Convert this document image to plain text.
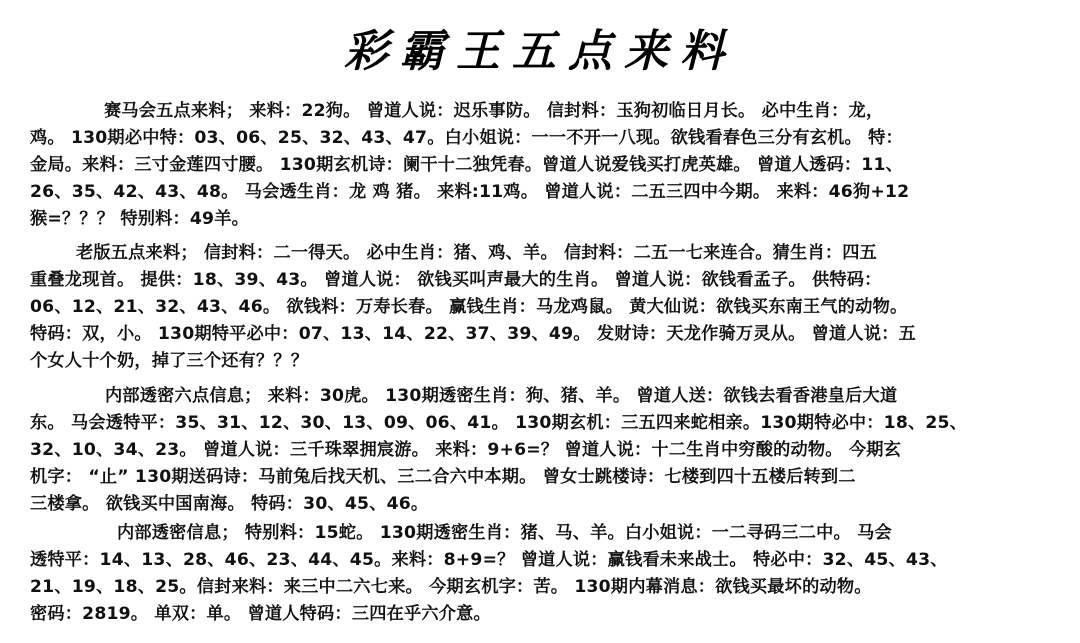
彩霸王五点来料
赛马会五点来料； 来料：22狗。 曾道人说：迟乐事防。 信封料：玉狗初临日月长。 必中生肖：龙，
鸡。 130期必中特：03、06、25、32、43、47。白小姐说：一一不开一八现。欲钱看春色三分有玄机。 特：
金局。来料：三寸金莲四寸腰。 130期玄机诗：阑干十二独凭春。曾道人说爱钱买打虎英雄。 曾道人透码：11、
26、35、42、43、48。 马会透生肖：龙 鸡 猪。 来料:11鸡。 曾道人说：二五三四中今期。 来料：46狗+12
猴=？？？ 特别料：49羊。
老版五点来料； 信封料：二一得天。 必中生肖：猪、鸡、羊。 信封料：二五一七来连合。猜生肖：四五
重叠龙现首。 提供：18、39、43。 曾道人说： 欲钱买叫声最大的生肖。 曾道人说：欲钱看孟子。 供特码：
06、12、21、32、43、46。 欲钱料：万寿长春。 赢钱生肖：马龙鸡鼠。 黄大仙说：欲钱买东南王气的动物。
特码：双，小。 130期特平必中：07、13、14、22、37、39、49。 发财诗：天龙作骑万灵从。 曾道人说：五
个女人十个奶，掉了三个还有？？？
内部透密六点信息； 来料：30虎。 130期透密生肖：狗、猪、羊。 曾道人送：欲钱去看香港皇后大道
东。 马会透特平：35、31、12、30、13、09、06、41。 130期玄机：三五四来蛇相亲。130期特必中：18、25、
32、10、34、23。 曾道人说：三千珠翠拥宸游。 来料：9+6=？ 曾道人说：十二生肖中穷酸的动物。 今期玄
机字： “止” 130期送码诗：马前兔后找天机、三二合六中本期。 曾女士跳楼诗：七楼到四十五楼后转到二
三楼拿。 欲钱买中国南海。 特码：30、45、46。
内部透密信息； 特别料：15蛇。 130期透密生肖：猪、马、羊。白小姐说：一二寻码三二中。 马会
透特平：14、13、28、46、23、44、45。来料：8+9=？ 曾道人说：赢钱看未来战士。 特必中：32、45、43、
21、19、18、25。信封来料：来三中二六七来。 今期玄机字：苦。 130期内幕消息：欲钱买最坏的动物。
密码：2819。 单双：单。 曾道人特码：三四在乎六介意。
